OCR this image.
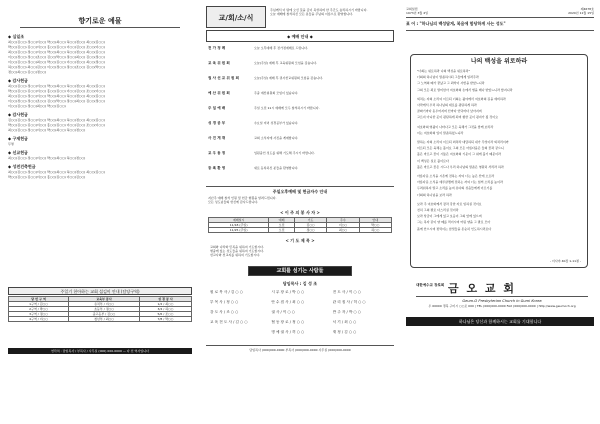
향기로운 예물
◆ 십일조
최○○(김○○) 정○○(이○○) 박○○(최○○) 허○○(정○○) 최○○(김○○)
박○○(김○○) 김○○(이○○) 홍○○(김○○) 이○○(김○○) 조○○(이○○)
최○○(김○○) 정○○(이○○) 박○○(최○○) 허○○(정○○) 최○○(김○○)
이○○(정○○) 정○○(조○○) 김○○(박○○) 정○○(최○○) 김○○(정○○)
이○○(김○○) 정○○(최○○) 박○○(김○○) 이○○(정○○) 최○○(정○○)
허○○(정○○) 최○○(김○○) 이○○(정○○) 정○○(조○○) 김○○(박○○)
정○○(최○○) 김○○(정○○)
◆ 감사헌금
최○○(김○○) 정○○(이○○) 박○○(최○○) 허○○(정○○) 최○○(김○○)
박○○(김○○) 김○○(이○○) 홍○○(김○○) 이○○(김○○) 조○○(이○○)
최○○(김○○) 정○○(이○○) 박○○(최○○) 허○○(정○○) 최○○(김○○)
이○○(정○○) 정○○(조○○) 김○○(박○○) 정○○(최○○) 김○○(정○○)
이○○(김○○) 정○○(최○○) 박○○(김○○)
◆ 감사헌금
김○○(김○○) 정○○(이○○) 박○○(최○○) 허○○(정○○) 최○○(김○○)
박○○(김○○) 김○○(이○○) 홍○○(김○○) 이○○(김○○) 조○○(이○○)
최○○(김○○) 정○○(이○○) 박○○(최○○) 허○○(정○○)
◆ 구제헌금
무명
◆ 선교헌금
최○○(김○○) 정○○(이○○) 박○○(최○○) 허○○(정○○)
◆ 성전건축헌금
최○○(김○○) 정○○(이○○) 박○○(최○○) 허○○(정○○) 최○○(김○○)
박○○(김○○) 김○○(이○○) 홍○○(김○○) 이○○(김○○)
주일기 헌아하는 교회 섬김이 안내 (담당구역)
당 번 구 역	교육부 봉사	성 경 봉 사
1구역 / 김○○	유치부 / 이○○	1/2 / 최○○
2구역 / 박○○	초등부 / 정○○	3/4 / 허○○
3구역 / 정○○	중고등부 / 김○○	5/6 / 조○○
4구역 / 이○○	청년부 / 최○○	7/8 / 박○○
연락처 : 담임목사 / 부목사 / 사무실 (000) 000-0000 — 다 친 역사입니다
교/회/소/식
주님께서 이 땅에 오신 뜻을 깊이 묵상하며 한 주간도 승리하시기 바랍니다.
오늘 예배에 참석하신 모든 분들을 주님의 이름으로 환영합니다.
◆ 예배 안내 ◆
전 가 정 례	오늘 오후예배 후 전가정예배로 드립니다.
교 육 위 원 회	오늘(주일) 예배 후 교육위원회 모임을 갖습니다.
권 사 선 교 위 원 회	오늘(주일) 예배 후 권사선교위원회 모임을 갖습니다.
예 산 위 원 회	주중 예산위원회 모임이 있습니다.
주 일 예 배	주일 오전 11시 예배에 모두 참석하시기 바랍니다.
성 경 공 부	수요일 저녁 성경공부가 있습니다.
사 진 게 재	교회 소식지에 사진을 게재합니다.
교 우 동 정	입원중인 성도를 위해 기도해 주시기 바랍니다.
등 록 환 영	새로 등록하신 분들을 환영합니다.
주일오후예배 및 헌금자수 안내
지난주 예배 참석 인원 및 헌금 현황을 알려드립니다.
모든 성도님들의 헌신에 감사드립니다.
< 이 주 의 봉 사 자 >
예배일시	예배	기도	주수	안내
11/18 (주일)	오전	김○○	이○○	박○○
11/25 (주일)	오전	정○○	최○○	허○○
< 기 도 제 목 >
교회와 나라와 민족을 위하여 기도합시다.
병중에 있는 성도들을 위하여 기도합시다.
선교사와 선교지를 위하여 기도합시다.
교회를 섬기는 사람들
담임목사 : 김 성 조
원 로 목 사 / 김 ○ ○	시 무 장 로 / 박 ○ ○	전 도 사 / 이 ○ ○
부 목 사 / 정 ○ ○	안 수 집 사 / 최 ○ ○	관 리 집 사 / 허 ○ ○
강 도 사 / 조 ○ ○	권 사 / 이 ○ ○	반 주 자 / 박 ○ ○
교 육 전 도 사 / 김 ○ ○	협 동 장 로 / 정 ○ ○	서 기 / 최 ○ ○
명 예 권 사 / 허 ○ ○	재 정 / 김 ○ ○
담임목사 (000)000-0000 부목사 (000)000-0000 사무실 (000)000-0000
교회설립
1973년 3월 4일
제4678호
2020년 11월 15일
표 어 : "하나님의 백성답게, 복음에 합당하게 사는 성도"
나의 백성을 위로하라
"너희는 위로하라 나의 백성을 위로하라"
너희의 하나님이 말씀하시되 그들에게 일러주라
그 노역의 때가 끝났고 그 죄악이 사함을 받았느니라
그의 모든 죄로 말미암아 여호와의 손에서 벌을 배나 받았느니라 할지니라
외치는 자의 소리여 이르되 너희는 광야에서 여호와의 길을 예비하라
사막에서 우리 하나님의 대로를 평탄하게 하라
골짜기마다 돋우어지며 산마다 언덕마다 낮아지며
고르지 아니한 곳이 평탄하게 되며 험한 곳이 평지가 될 것이요
여호와의 영광이 나타나고 모든 육체가 그것을 함께 보리라
이는 여호와의 입이 말씀하셨느니라
말하는 자의 소리여 이르되 외치라 대답하되 내가 무엇이라 외치리이까
이르되 모든 육체는 풀이요 그의 모든 아름다움은 들의 꽃과 같으니
풀은 마르고 꽃이 시듦은 여호와의 기운이 그 위에 불기 때문이라
이 백성은 실로 풀이로다
풀은 마르고 꽃은 시드나 우리 하나님의 말씀은 영원히 서리라 하라
아름다운 소식을 시온에 전하는 자여 너는 높은 산에 오르라
아름다운 소식을 예루살렘에 전하는 자여 너는 힘써 소리를 높이라
두려워하지 말고 소리를 높여 유다의 성읍들에게 이르기를
너희의 하나님을 보라 하라
보라 주 여호와께서 장차 강한 자로 임하실 것이요
친히 그의 팔로 다스리실 것이라
보라 상급이 그에게 있고 보응이 그의 앞에 있으며
그는 목자 같이 양 떼를 먹이시며 어린 양을 그 팔로 모아
품에 안으시며 젖먹이는 암컷들을 온순히 인도하시리로다
- 이사야 40장 1-11절 -
대한예수교 장로회 금 오 교 회
Geum-O Presbyterian Church in Gumi Korea
우 00000 경북 구미시 ○○로 000 | TEL (000)000-0000 FAX (000)000-0000 | http://www.geumoch.org
하나님은 당신과 함께하시는 교회를 기대합니다
